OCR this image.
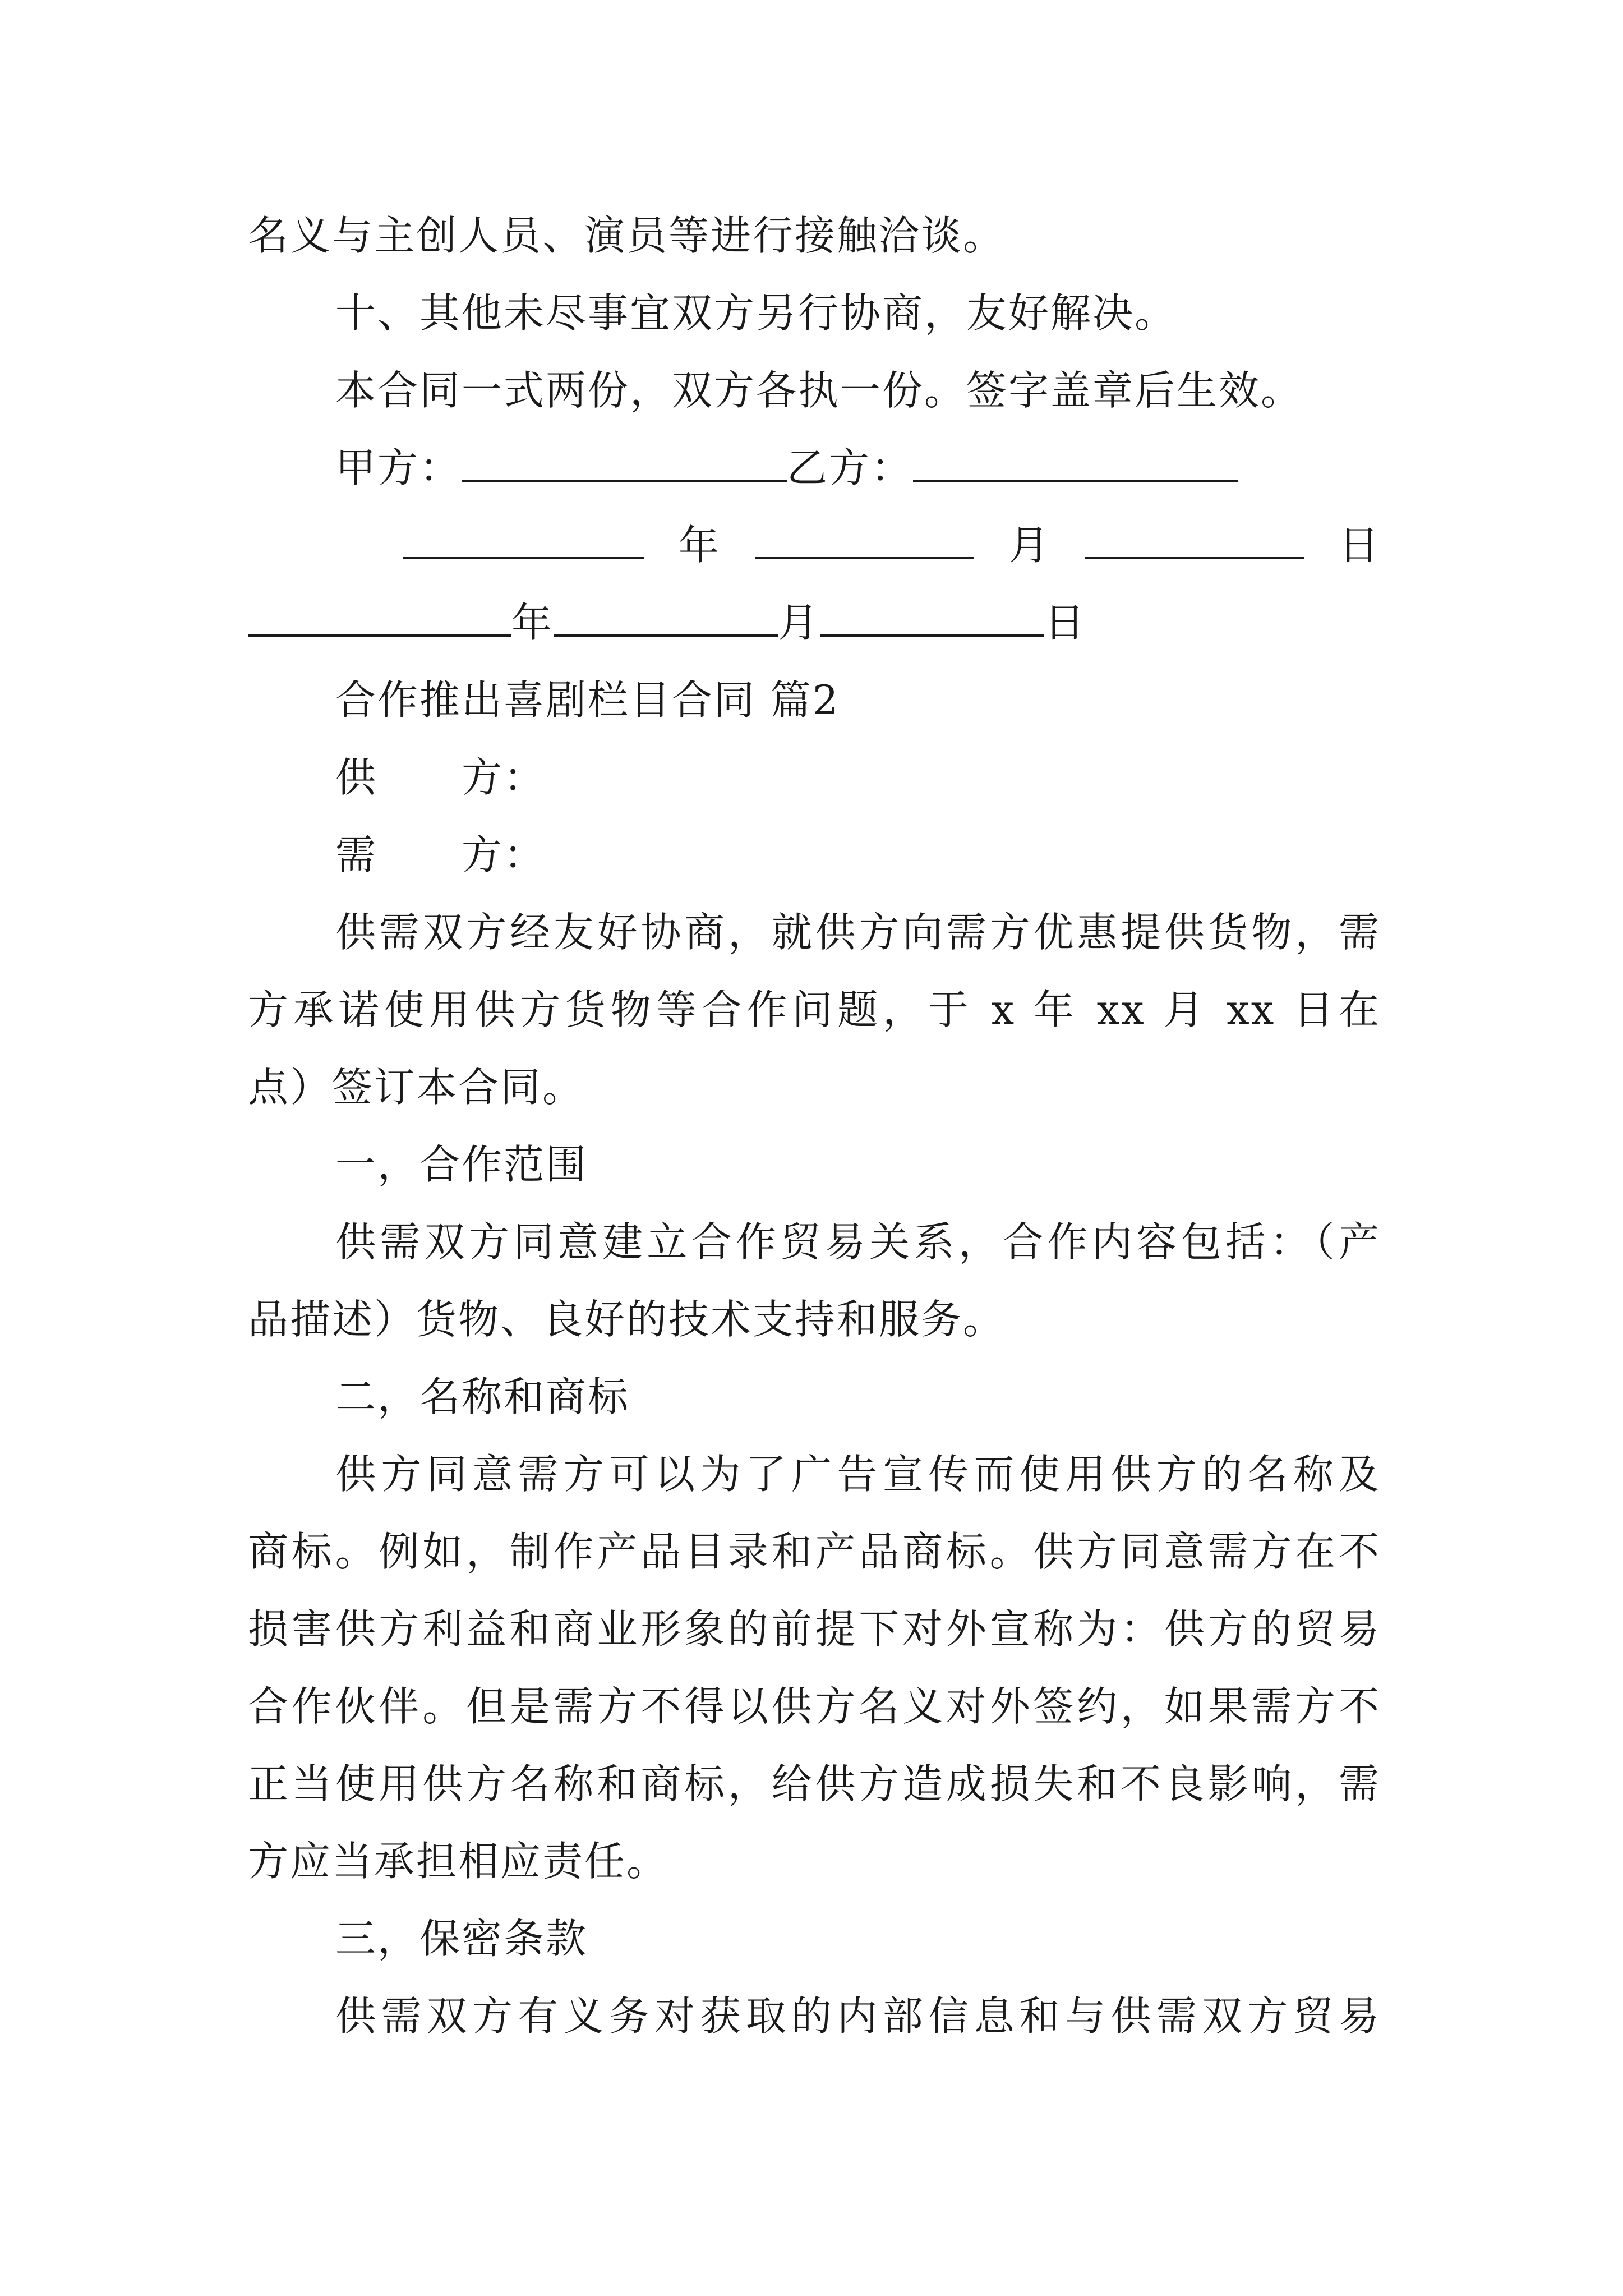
名义与主创人员、演员等进行接触洽谈。
十、其他未尽事宜双方另行协商，友好解决。
本合同一式两份，双方各执一份。签字盖章后生效。
甲方：	乙方：
年	月	日
年	月	日
合作推出喜剧栏目合同 篇2
供　　方：
需　　方：
供需双方经友好协商，就供方向需方优惠提供货物，需
方承诺使用供方货物等合作问题，于 x 年 xx 月 xx 日在
点）签订本合同。
一，合作范围
供需双方同意建立合作贸易关系，合作内容包括：（产
品描述）货物、良好的技术支持和服务。
二，名称和商标
供方同意需方可以为了广告宣传而使用供方的名称及
商标。例如，制作产品目录和产品商标。供方同意需方在不
损害供方利益和商业形象的前提下对外宣称为：供方的贸易
合作伙伴。但是需方不得以供方名义对外签约，如果需方不
正当使用供方名称和商标，给供方造成损失和不良影响，需
方应当承担相应责任。
三，保密条款
供需双方有义务对获取的内部信息和与供需双方贸易
